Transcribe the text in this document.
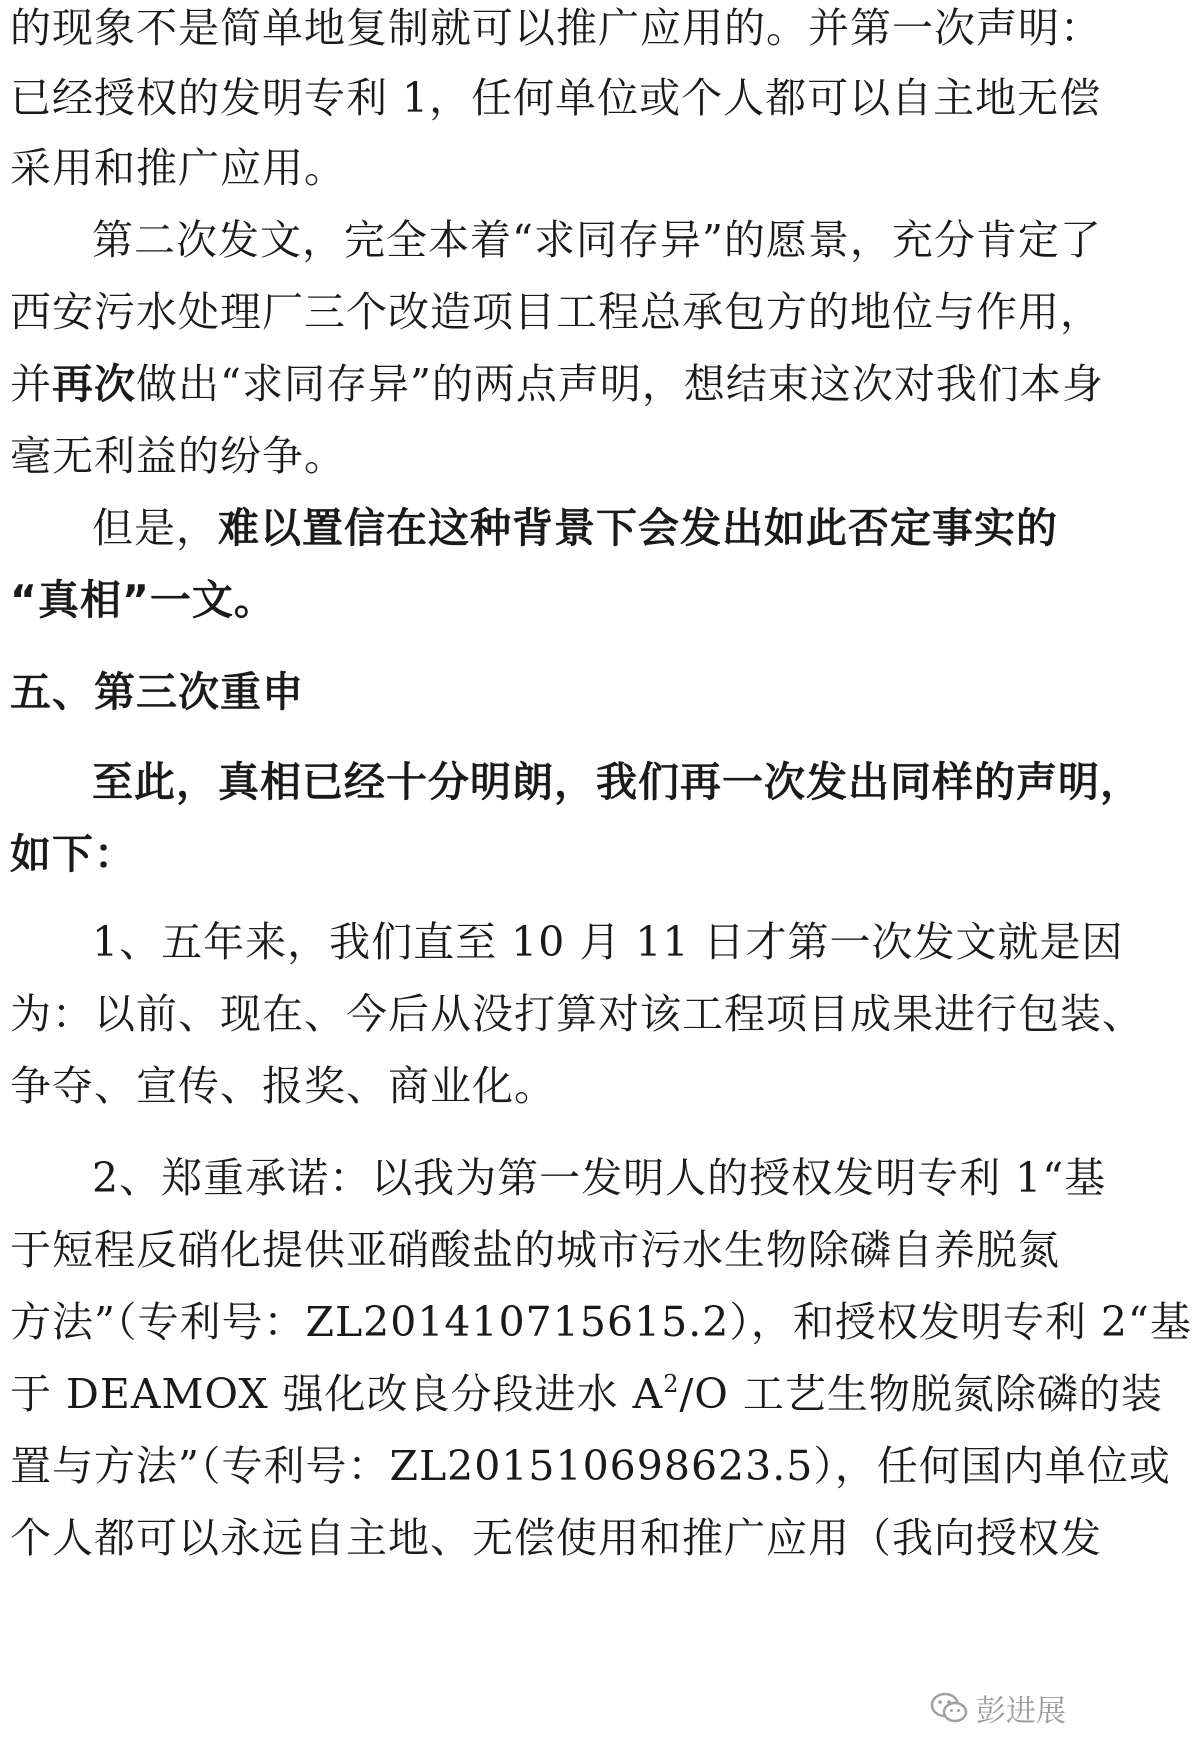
的现象不是简单地复制就可以推广应用的。并第一次声明：
已经授权的发明专利 1，任何单位或个人都可以自主地无偿
采用和推广应用。
第二次发文，完全本着“求同存异”的愿景，充分肯定了
西安污水处理厂三个改造项目工程总承包方的地位与作用，
并再次做出“求同存异”的两点声明，想结束这次对我们本身
毫无利益的纷争。
但是，难以置信在这种背景下会发出如此否定事实的
“真相”一文。
五、第三次重申
至此，真相已经十分明朗，我们再一次发出同样的声明，
如下：
1、五年来，我们直至 10 月 11 日才第一次发文就是因
为：以前、现在、今后从没打算对该工程项目成果进行包装、
争夺、宣传、报奖、商业化。
2、郑重承诺：以我为第一发明人的授权发明专利 1“基
于短程反硝化提供亚硝酸盐的城市污水生物除磷自养脱氮
方法”（专利号：ZL201410715615.2），和授权发明专利 2“基
于 DEAMOX 强化改良分段进水 $A^2/O$ 工艺生物脱氮除磷的装
置与方法”（专利号：ZL201510698623.5），任何国内单位或
个人都可以永远自主地、无偿使用和推广应用（我向授权发
彭进展
